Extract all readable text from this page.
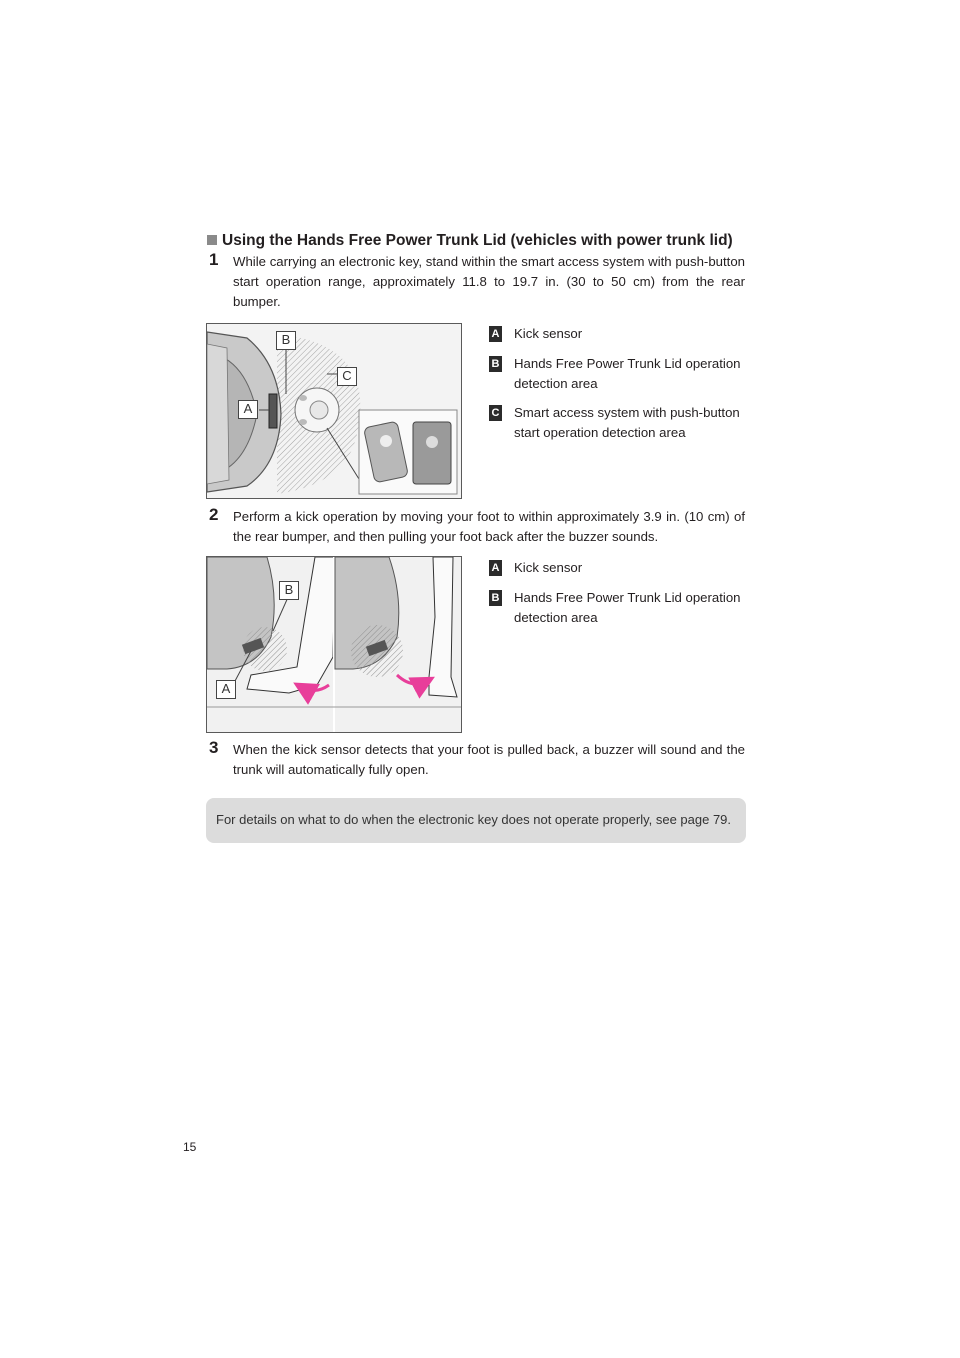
Using the Hands Free Power Trunk Lid (vehicles with power trunk lid)
1	While carrying an electronic key, stand within the smart access system with push-button start operation range, approximately 11.8 to 19.7 in. (30 to 50 cm) from the rear bumper.
B
C
A
A Kick sensor
B Hands Free Power Trunk Lid operation detection area
C Smart access system with push-button start operation detection area
2	Perform a kick operation by moving your foot to within approximately 3.9 in. (10 cm) of the rear bumper, and then pulling your foot back after the buzzer sounds.
B
A
A Kick sensor
B Hands Free Power Trunk Lid operation detection area
3	When the kick sensor detects that your foot is pulled back, a buzzer will sound and the trunk will automatically fully open.
For details on what to do when the electronic key does not operate properly, see page 79.
15
